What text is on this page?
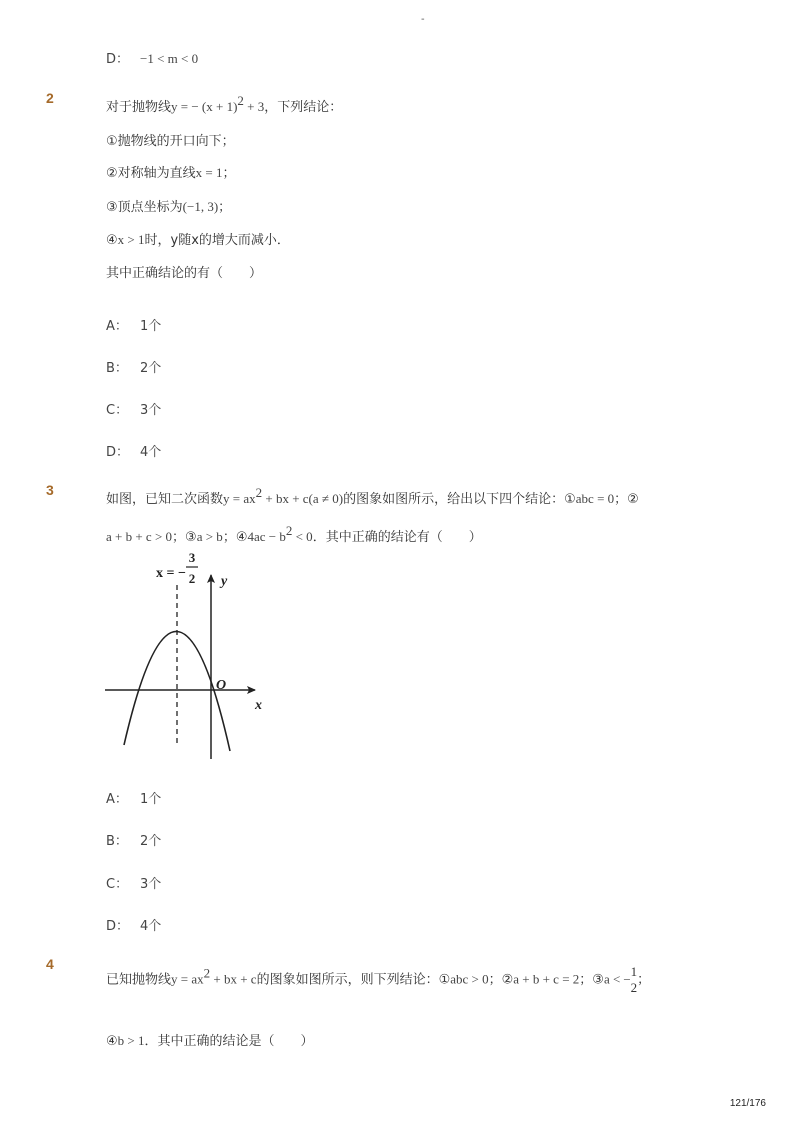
-
D： −1 < m < 0
2
对于抛物线y = − $(x + 1)^2 + 3$，下列结论：
①抛物线的开口向下；
②对称轴为直线x = 1；
③顶点坐标为(−1, 3)；
④x > 1时，y随x的增大而减小．
其中正确结论的有（　　）
A： 1个
B： 2个
C： 3个
D： 4个
3
如图，已知二次函数$y = ax^2$ + bx + c(a ≠ 0)的图象如图所示，给出以下四个结论：①abc = 0；②
a + b + c > 0；③a > b；④4ac − $b^2 < 0$．其中正确的结论有（　　）
x = −
3
2 y
x
O
A： 1个
B： 2个
C： 3个
D： 4个
4
已知抛物线$y = ax^2$ + bx + c的图象如图所示，则下列结论：①abc > 0；②a + b + c = 2；③a < − 1
2 ；
④b > 1．其中正确的结论是（　　）
121/176
